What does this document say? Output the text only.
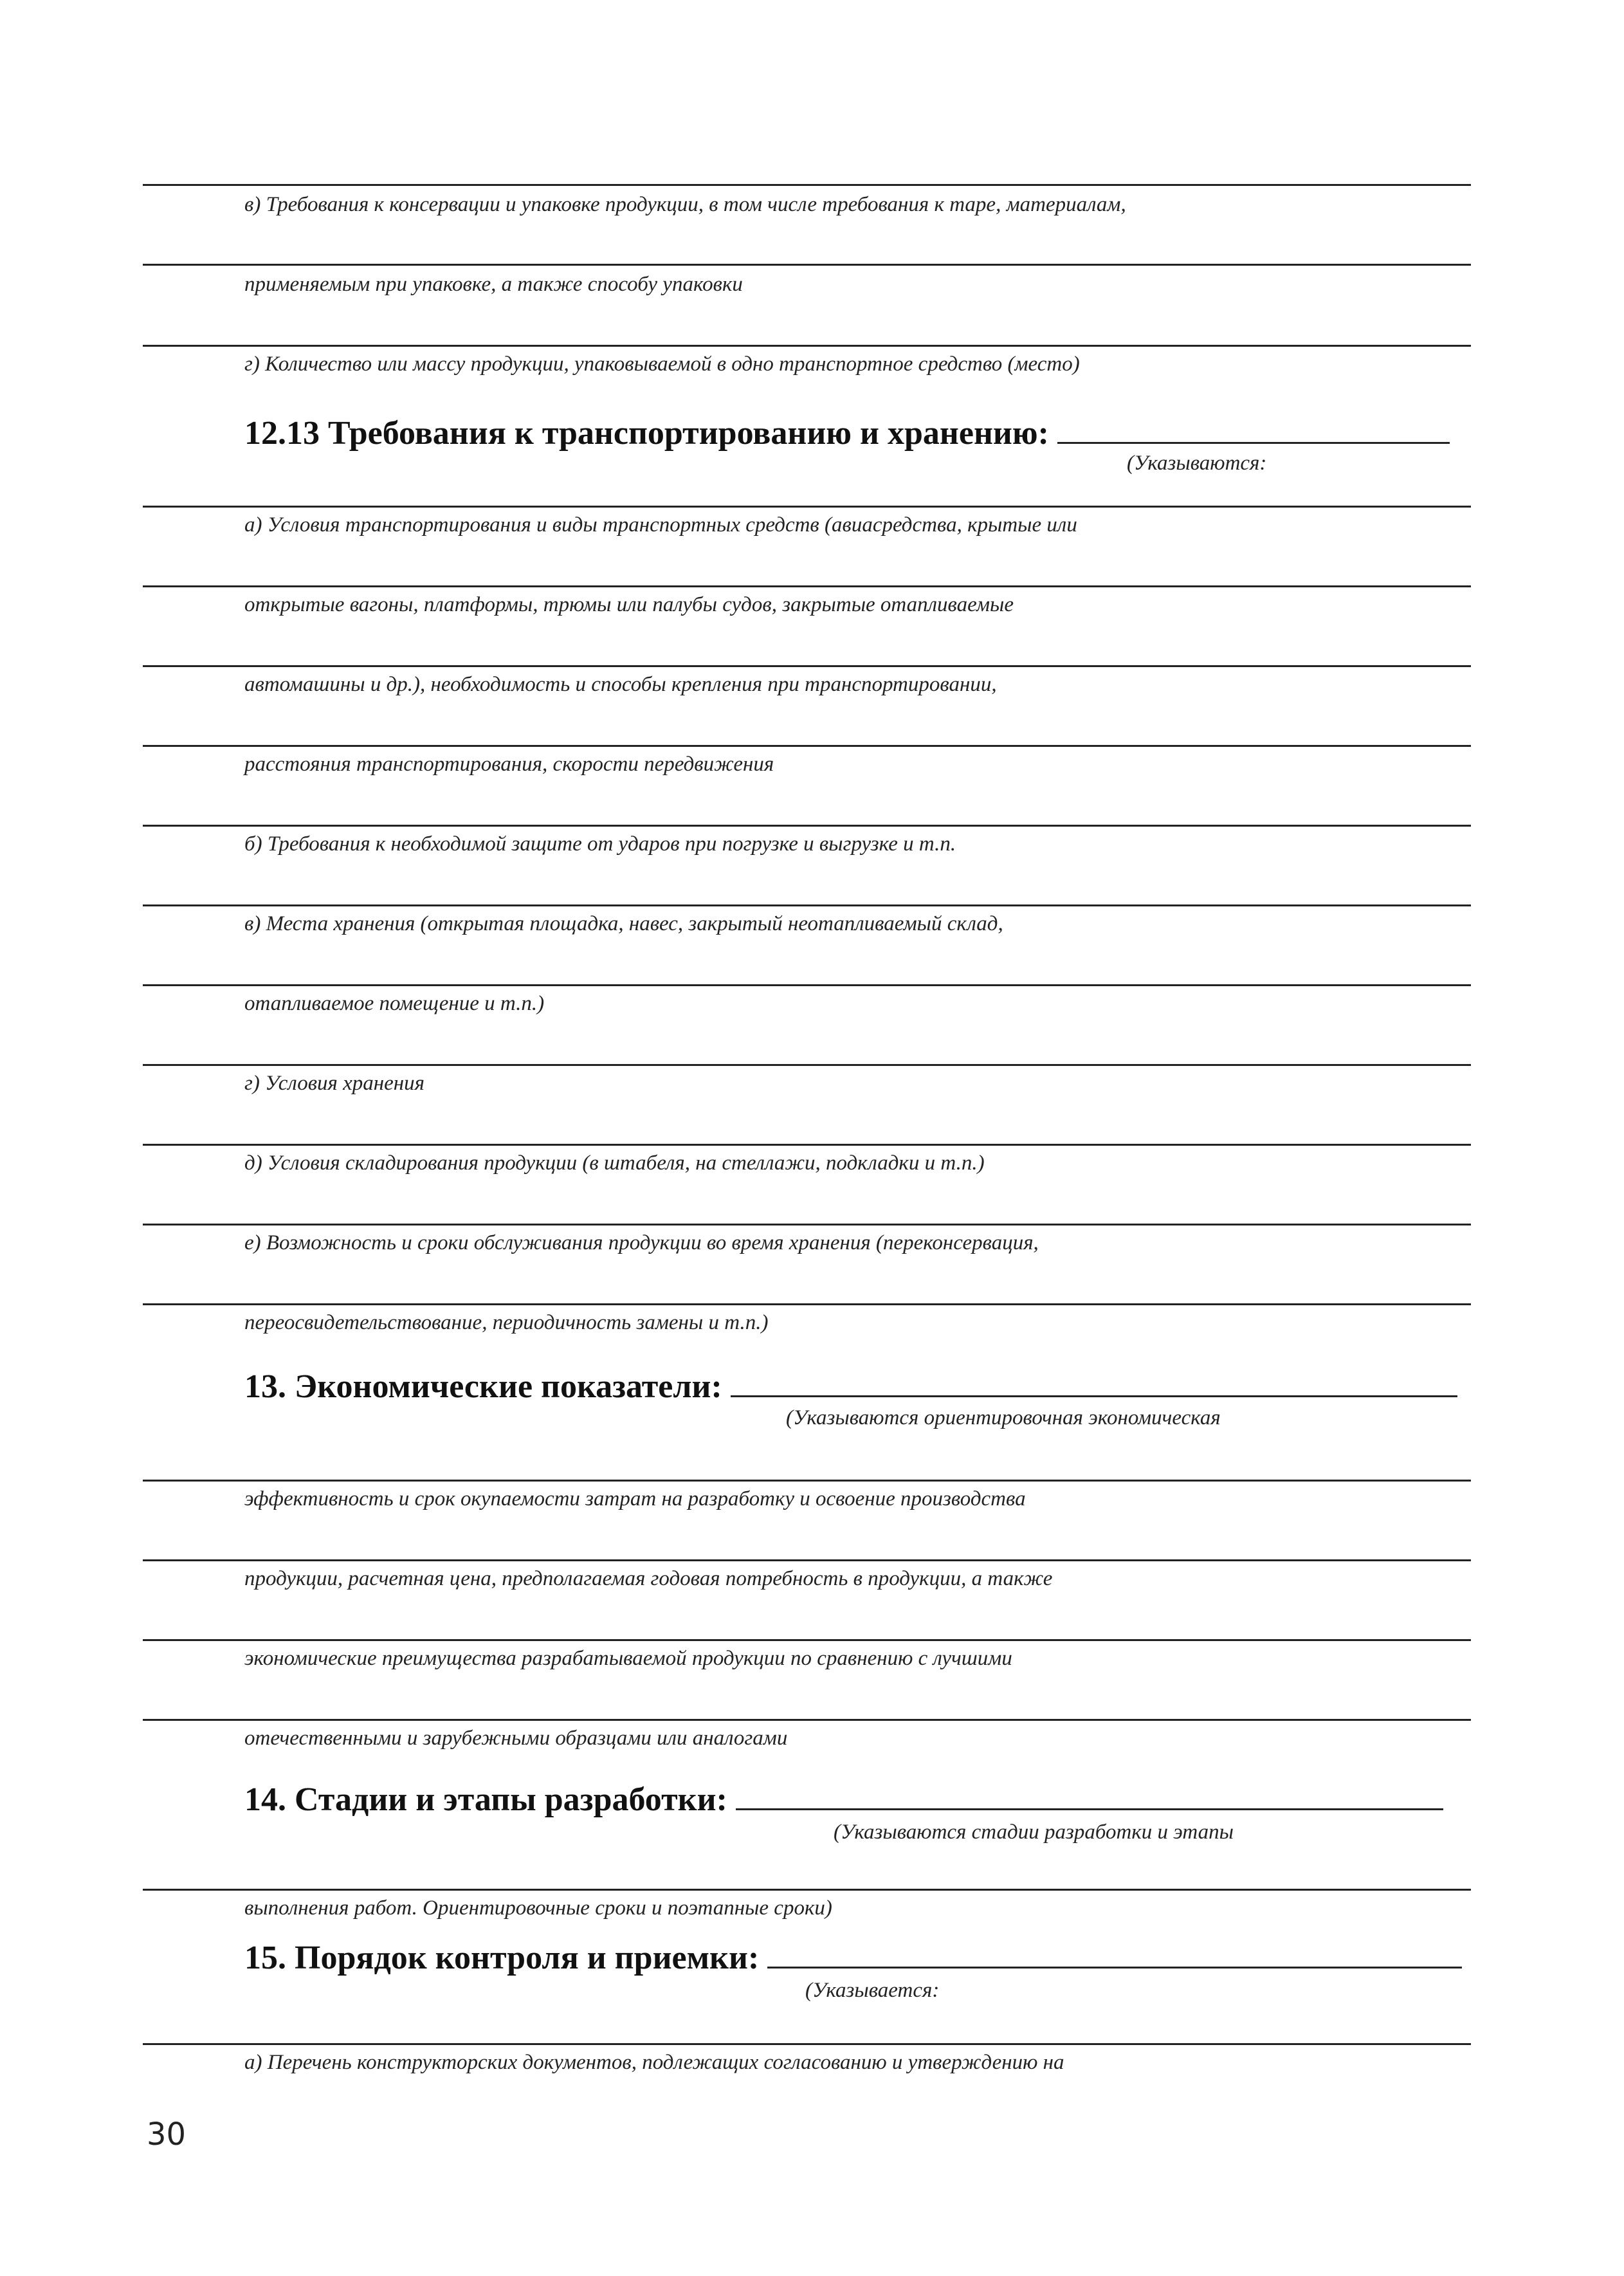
в) Требования к консервации и упаковке продукции, в том числе требования к таре, материалам,
применяемым при упаковке, а также способу упаковки
г) Количество или массу продукции, упаковываемой в одно транспортное средство (место)
12.13 Требования к транспортированию и хранению:
(Указываются:
а) Условия транспортирования и виды транспортных средств (авиасредства, крытые или
открытые вагоны, платформы, трюмы или палубы судов, закрытые отапливаемые
автомашины и др.), необходимость и способы крепления при транспортировании,
расстояния транспортирования, скорости передвижения
б) Требования к необходимой защите от ударов при погрузке и выгрузке и т.п.
в) Места хранения (открытая площадка, навес, закрытый неотапливаемый склад,
отапливаемое помещение и т.п.)
г) Условия хранения
д) Условия складирования продукции (в штабеля, на стеллажи, подкладки и т.п.)
е) Возможность и сроки обслуживания продукции во время хранения (переконсервация,
переосвидетельствование, периодичность замены и т.п.)
13. Экономические показатели:
(Указываются ориентировочная экономическая
эффективность и срок окупаемости затрат на разработку и освоение производства
продукции, расчетная цена, предполагаемая годовая потребность в продукции, а также
экономические преимущества разрабатываемой продукции по сравнению с лучшими
отечественными и зарубежными образцами или аналогами
14. Стадии и этапы разработки:
(Указываются стадии разработки и этапы
выполнения работ. Ориентировочные сроки и поэтапные сроки)
15. Порядок контроля и приемки:
(Указывается:
а) Перечень конструкторских документов, подлежащих согласованию и утверждению на
30
